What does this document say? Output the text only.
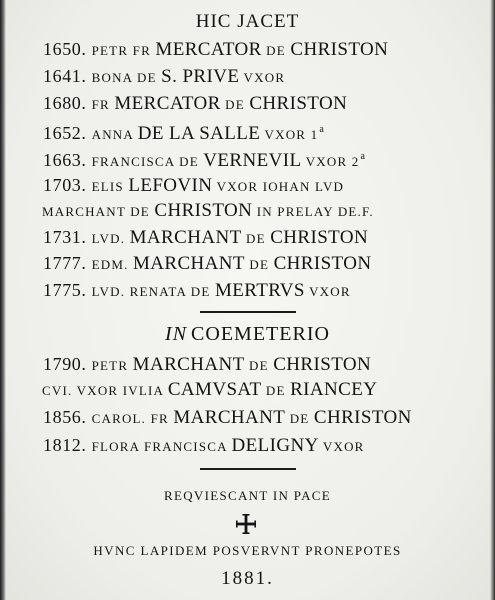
HIC JACET
1650. PETR FR MERCATOR DE CHRISTON
1641. BONA DE S. PRIVE VXOR
1680. FR MERCATOR DE CHRISTON
1652. ANNA DE LA SALLE VXOR 1$^a$
1663. FRANCISCA DE VERNEVIL VXOR 2$^a$
1703. ELIS LEFOVIN VXOR IOHAN LVD
MARCHANT DE CHRISTON IN PRELAY DE.F.
1731. LVD. MARCHANT DE CHRISTON
1777. EDM. MARCHANT DE CHRISTON
1775. LVD. RENATA DE MERTRVS VXOR
IN COEMETERIO
1790. PETR MARCHANT DE CHRISTON
CVI. VXOR IVLIA CAMVSAT DE RIANCEY
1856. CAROL. FR MARCHANT DE CHRISTON
1812. FLORA FRANCISCA DELIGNY VXOR
REQVIESCANT IN PACE
HVNC LAPIDEM POSVERVNT PRONEPOTES
1881.
